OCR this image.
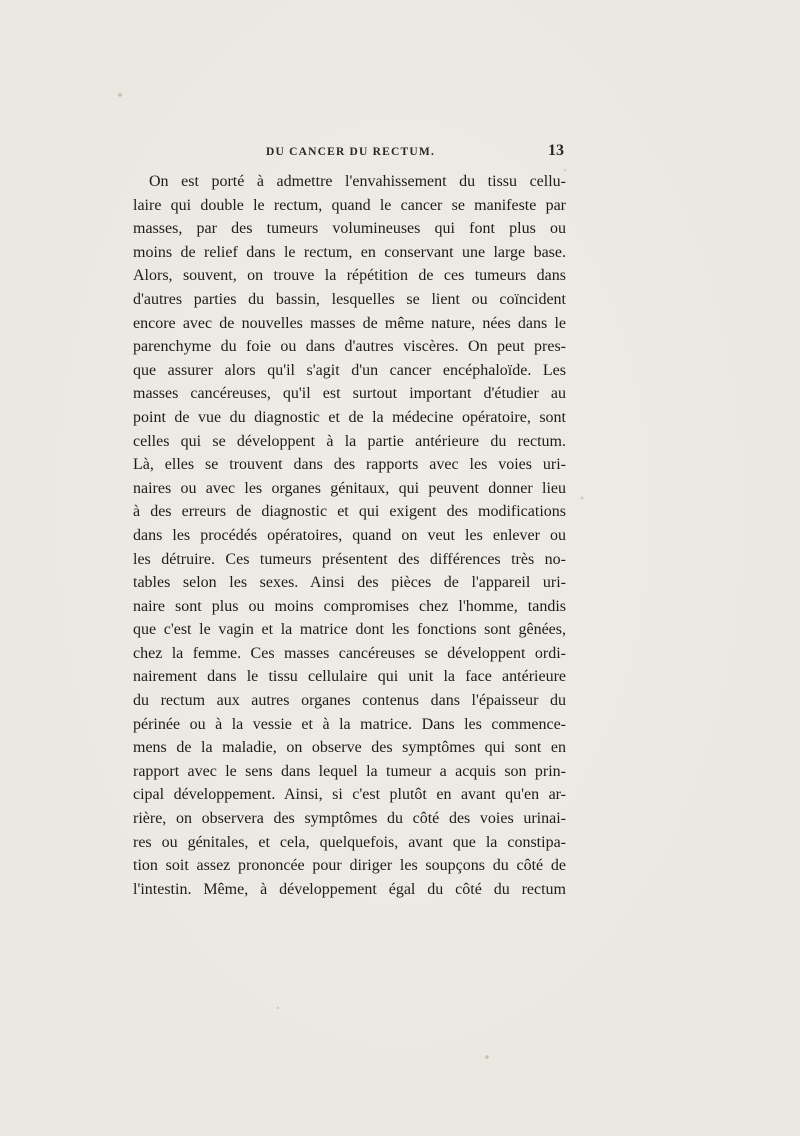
DU CANCER DU RECTUM.	13
On est porté à admettre l'envahissement du tissu cellu-
laire qui double le rectum, quand le cancer se manifeste par
masses, par des tumeurs volumineuses qui font plus ou
moins de relief dans le rectum, en conservant une large base.
Alors, souvent, on trouve la répétition de ces tumeurs dans
d'autres parties du bassin, lesquelles se lient ou coïncident
encore avec de nouvelles masses de même nature, nées dans le
parenchyme du foie ou dans d'autres viscères. On peut pres-
que assurer alors qu'il s'agit d'un cancer encéphaloïde. Les
masses cancéreuses, qu'il est surtout important d'étudier au
point de vue du diagnostic et de la médecine opératoire, sont
celles qui se développent à la partie antérieure du rectum.
Là, elles se trouvent dans des rapports avec les voies uri-
naires ou avec les organes génitaux, qui peuvent donner lieu
à des erreurs de diagnostic et qui exigent des modifications
dans les procédés opératoires, quand on veut les enlever ou
les détruire. Ces tumeurs présentent des différences très no-
tables selon les sexes. Ainsi des pièces de l'appareil uri-
naire sont plus ou moins compromises chez l'homme, tandis
que c'est le vagin et la matrice dont les fonctions sont gênées,
chez la femme. Ces masses cancéreuses se développent ordi-
nairement dans le tissu cellulaire qui unit la face antérieure
du rectum aux autres organes contenus dans l'épaisseur du
périnée ou à la vessie et à la matrice. Dans les commence-
mens de la maladie, on observe des symptômes qui sont en
rapport avec le sens dans lequel la tumeur a acquis son prin-
cipal développement. Ainsi, si c'est plutôt en avant qu'en ar-
rière, on observera des symptômes du côté des voies urinai-
res ou génitales, et cela, quelquefois, avant que la constipa-
tion soit assez prononcée pour diriger les soupçons du côté de
l'intestin. Même, à développement égal du côté du rectum
